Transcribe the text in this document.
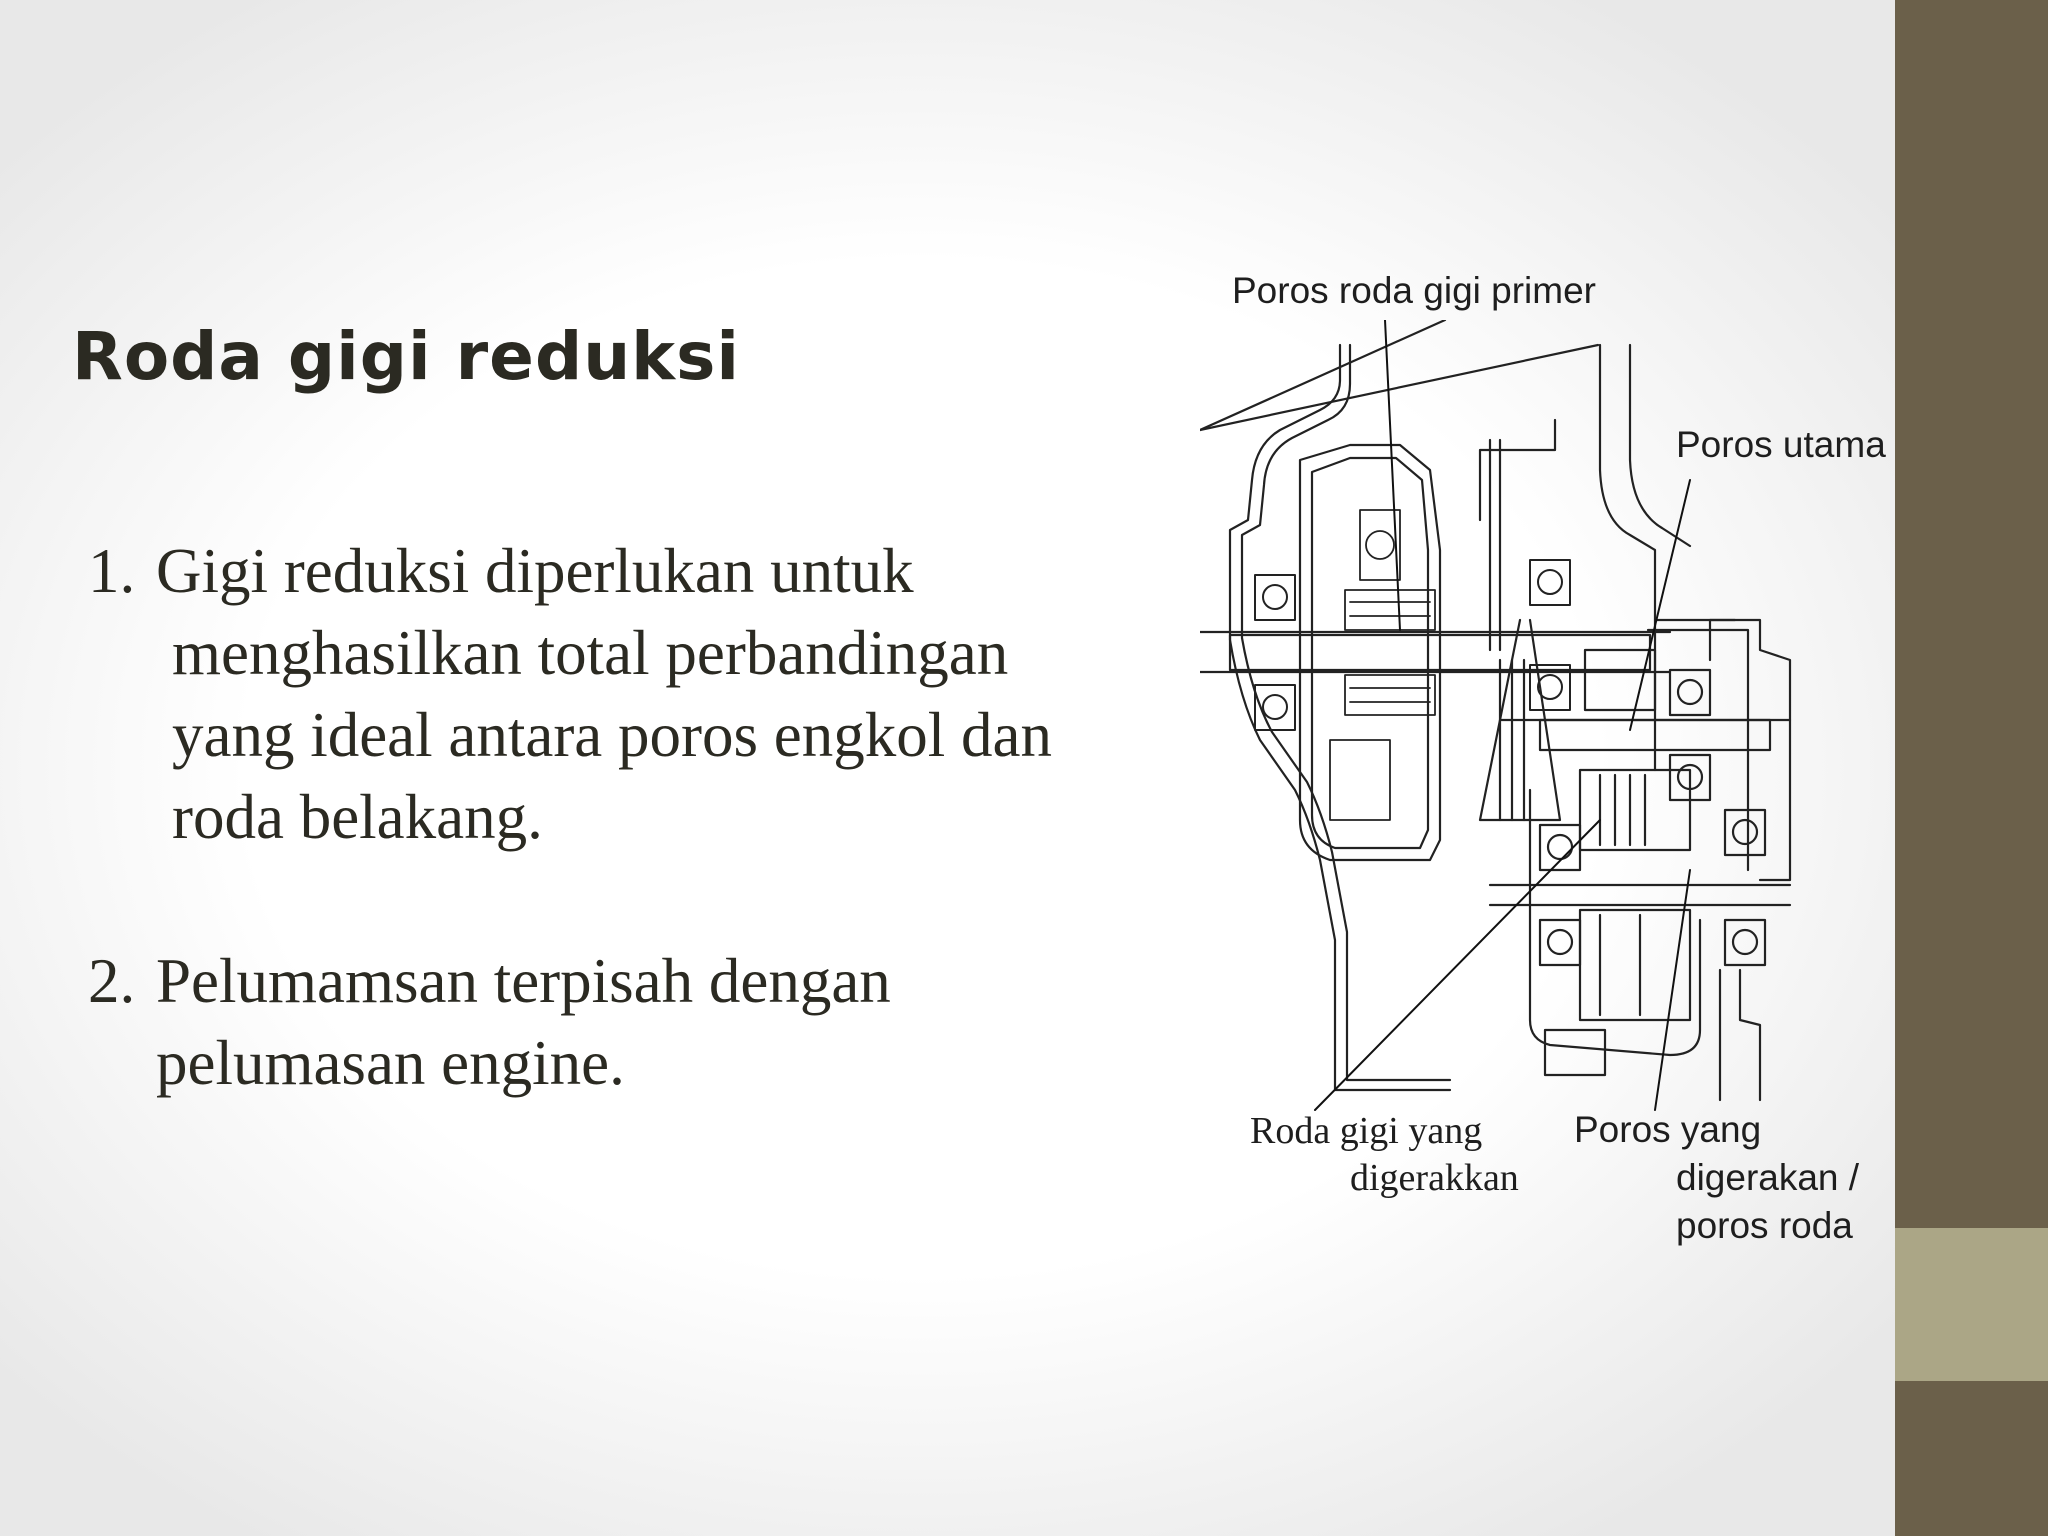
Roda gigi reduksi
1. Gigi reduksi diperlukan untuk
menghasilkan total perbandingan
yang ideal antara poros engkol dan
roda belakang.
2. Pelumamsan terpisah dengan
pelumasan engine.
Poros roda gigi primer
Poros utama
Roda gigi yang
digerakkan
Poros yang
digerakan /
poros roda
